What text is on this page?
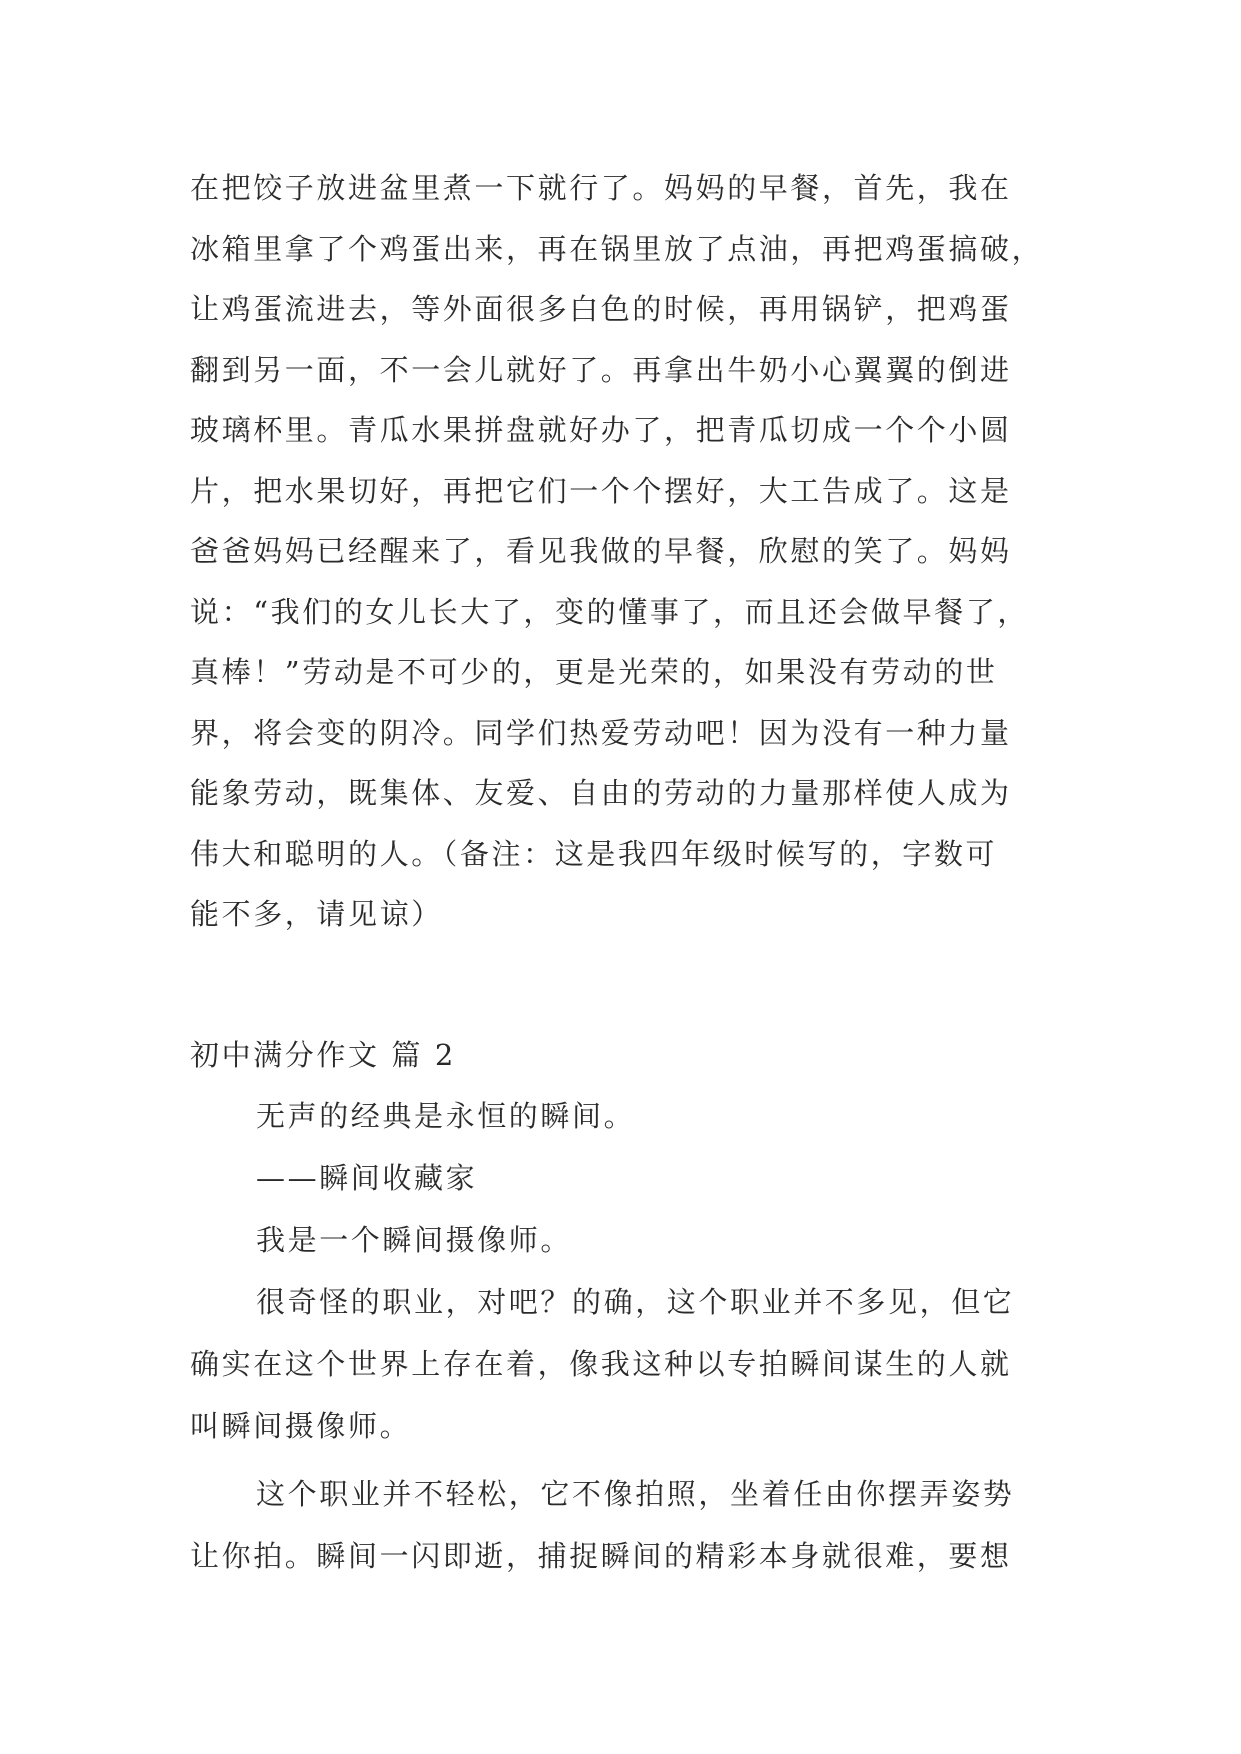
在把饺子放进盆里煮一下就行了。妈妈的早餐，首先，我在
冰箱里拿了个鸡蛋出来，再在锅里放了点油，再把鸡蛋搞破，
让鸡蛋流进去，等外面很多白色的时候，再用锅铲，把鸡蛋
翻到另一面，不一会儿就好了。再拿出牛奶小心翼翼的倒进
玻璃杯里。青瓜水果拼盘就好办了，把青瓜切成一个个小圆
片，把水果切好，再把它们一个个摆好，大工告成了。这是
爸爸妈妈已经醒来了，看见我做的早餐，欣慰的笑了。妈妈
说：“我们的女儿长大了，变的懂事了，而且还会做早餐了，
真棒！”劳动是不可少的，更是光荣的，如果没有劳动的世
界，将会变的阴冷。同学们热爱劳动吧！因为没有一种力量
能象劳动，既集体、友爱、自由的劳动的力量那样使人成为
伟大和聪明的人。（备注：这是我四年级时候写的，字数可
能不多，请见谅）
初中满分作文 篇 2
无声的经典是永恒的瞬间。
——瞬间收藏家
我是一个瞬间摄像师。
很奇怪的职业，对吧？的确，这个职业并不多见，但它
确实在这个世界上存在着，像我这种以专拍瞬间谋生的人就
叫瞬间摄像师。
这个职业并不轻松，它不像拍照，坐着任由你摆弄姿势
让你拍。瞬间一闪即逝，捕捉瞬间的精彩本身就很难，要想
